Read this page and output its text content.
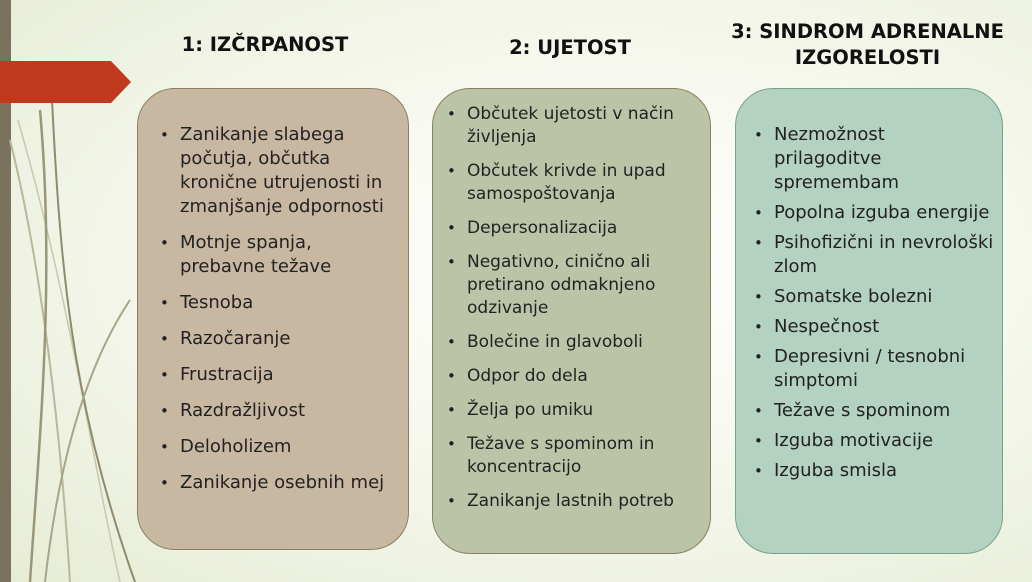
1: IZČRPANOST	2: UJETOST
3: SINDROM ADRENALNE
IZGORELOSTI
• Zanikanje slabega počutja, občutka kronične utrujenosti in zmanjšanje odpornosti
• Motnje spanja, prebavne težave
• Tesnoba
• Razočaranje
• Frustracija
• Razdražljivost
• Deloholizem
• Zanikanje osebnih mej
• Občutek ujetosti v način življenja
• Občutek krivde in upad samospoštovanja
• Depersonalizacija
• Negativno, cinično ali pretirano odmaknjeno odzivanje
• Bolečine in glavoboli
• Odpor do dela
• Želja po umiku
• Težave s spominom in koncentracijo
• Zanikanje lastnih potreb
• Nezmožnost prilagoditve spremembam
• Popolna izguba energije
• Psihofizični in nevrološki zlom
• Somatske bolezni
• Nespečnost
• Depresivni / tesnobni simptomi
• Težave s spominom
• Izguba motivacije
• Izguba smisla
